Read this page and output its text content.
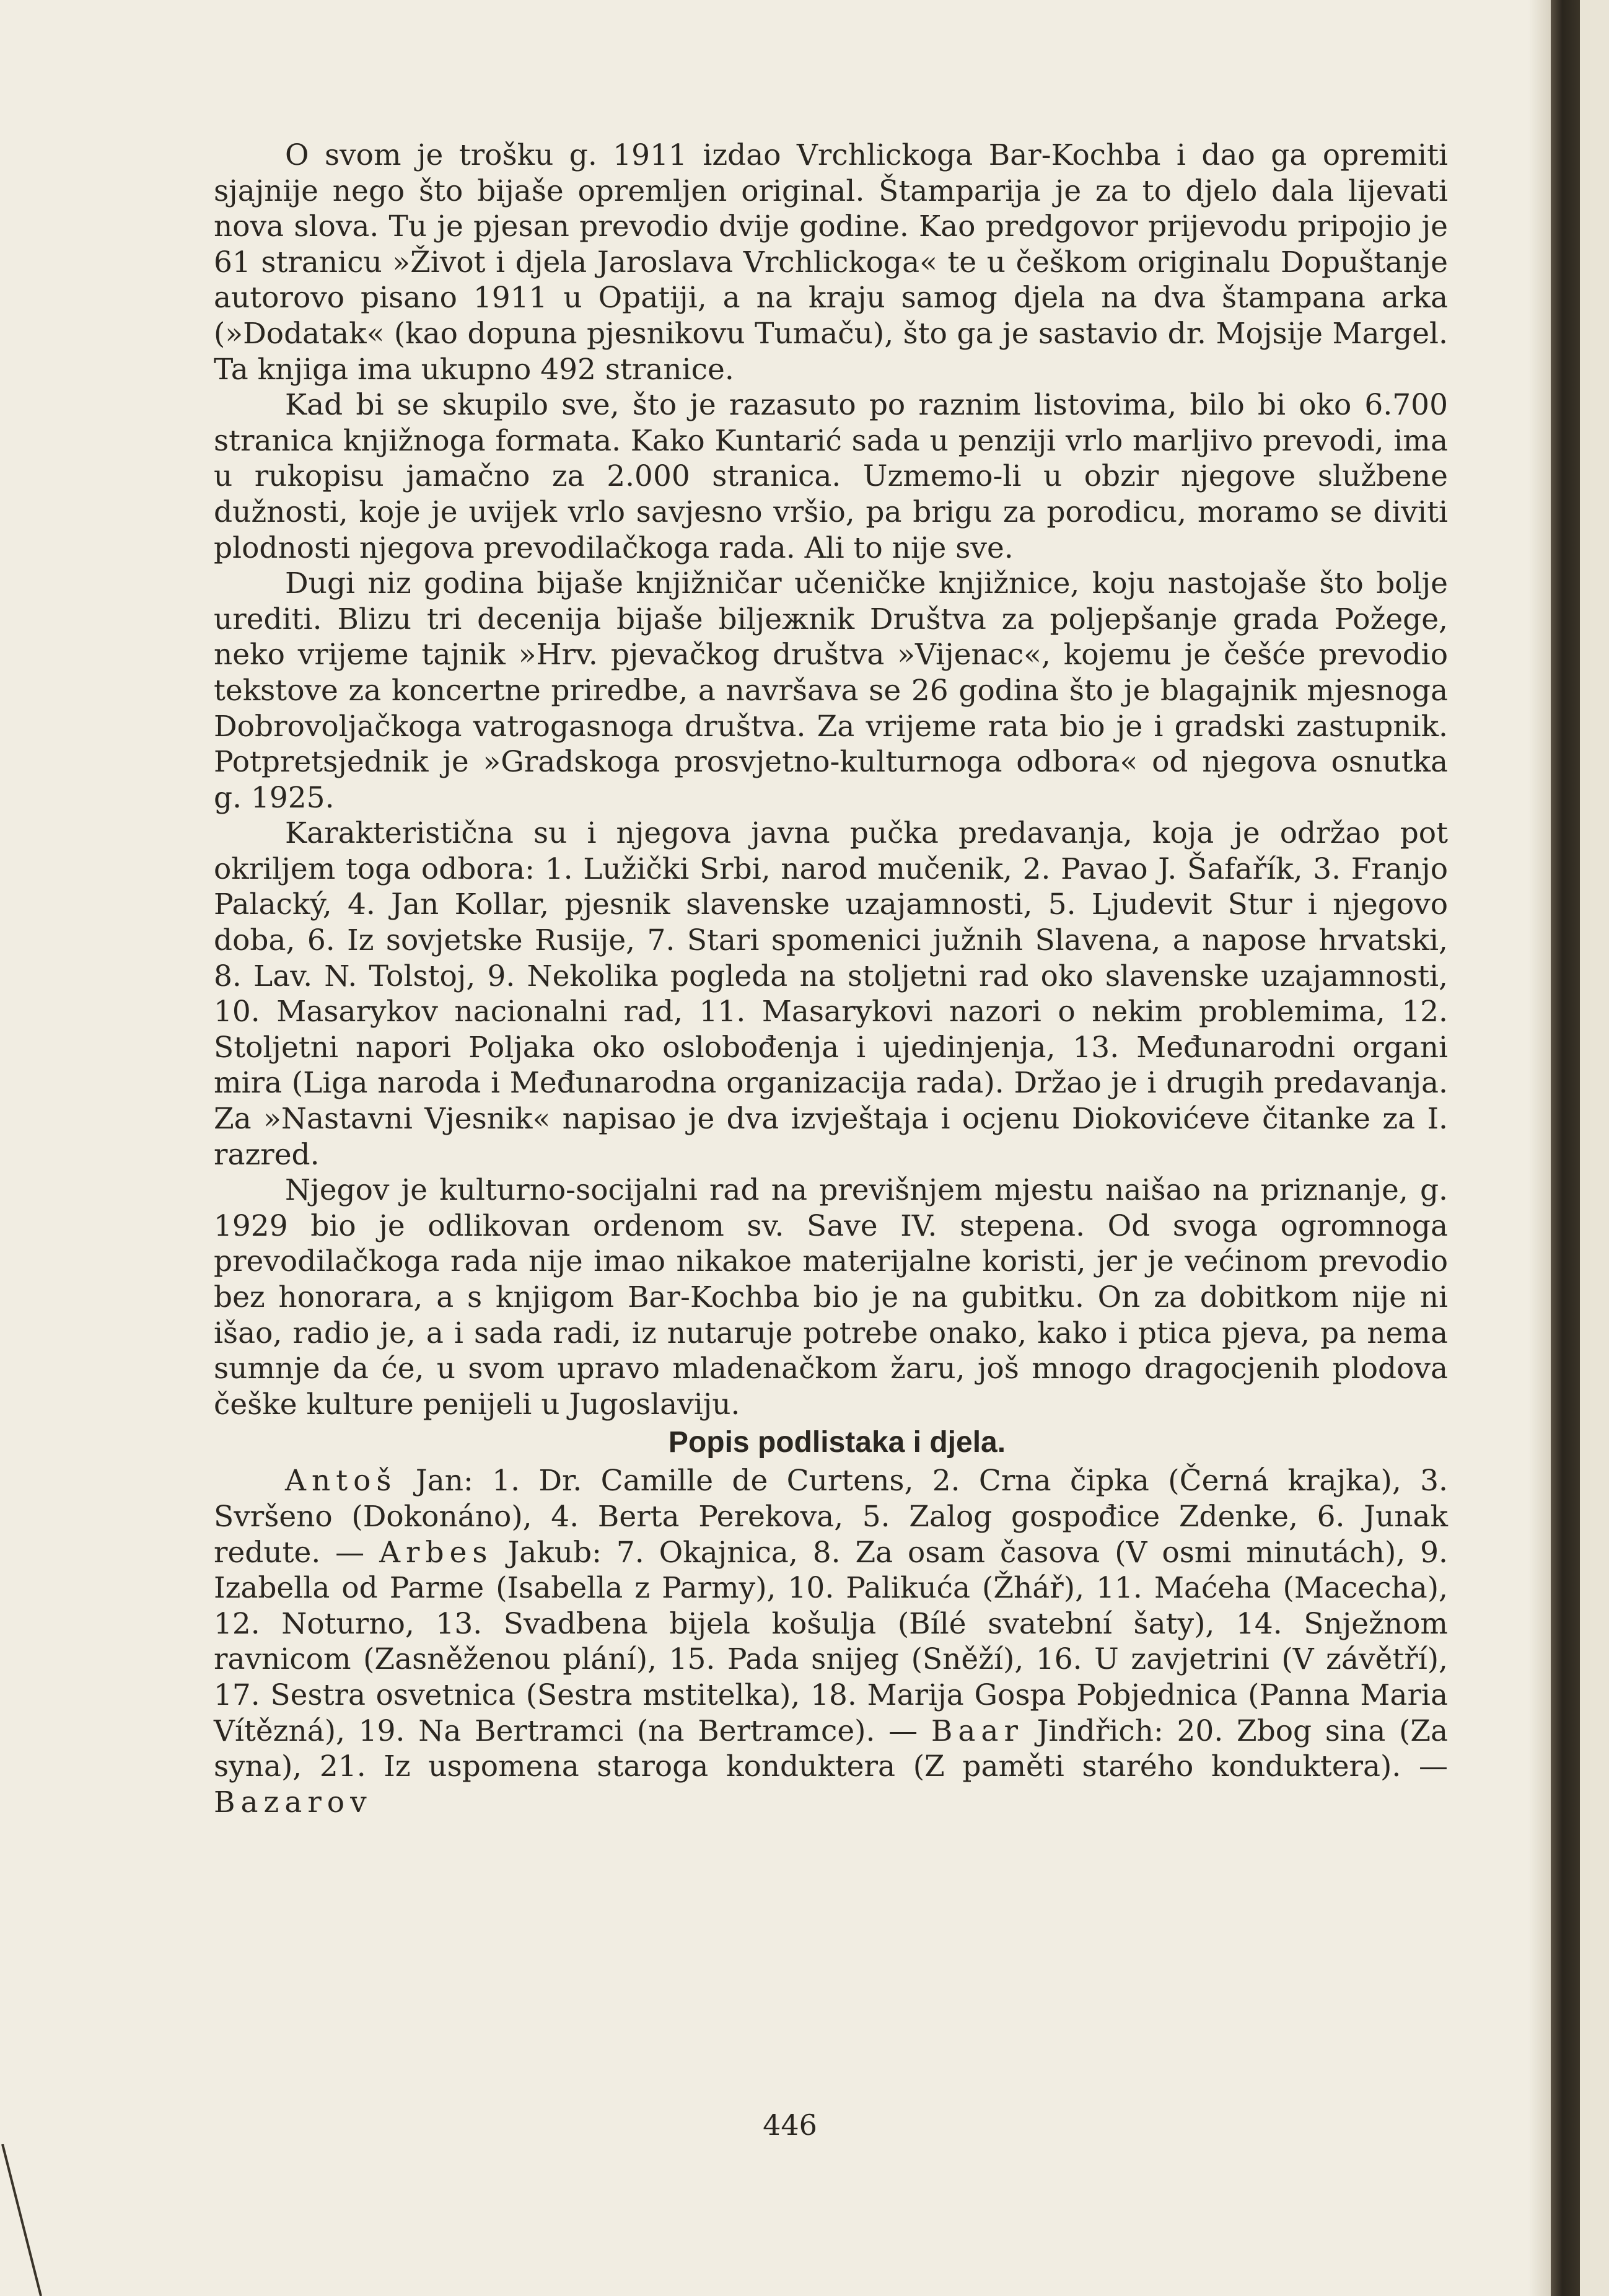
O svom je trošku g. 1911 izdao Vrchlickoga Bar-Kochba i dao ga opremiti sjajnije nego što bijaše opremljen original. Štamparija je za to djelo dala lijevati nova slova. Tu je pjesan prevodio dvije godine. Kao predgovor prijevodu pripojio je 61 stranicu »Život i djela Jaroslava Vrchlickoga« te u češkom originalu Dopuštanje autorovo pisano 1911 u Opatiji, a na kraju samog djela na dva štampana arka (»Dodatak« (kao dopuna pjesnikovu Tumaču), što ga je sastavio dr. Mojsije Margel. Ta knjiga ima ukupno 492 stranice.

Kad bi se skupilo sve, što je razasuto po raznim listovima, bilo bi oko 6.700 stranica knjižnoga formata. Kako Kuntarić sada u penziji vrlo marljivo prevodi, ima u rukopisu jamačno za 2.000 stranica. Uzmemo-li u obzir njegove službene dužnosti, koje je uvijek vrlo savjesno vršio, pa brigu za porodicu, moramo se diviti plodnosti njegova prevodilačkoga rada. Ali to nije sve.

Dugi niz godina bijaše knjižničar učeničke knjižnice, koju nastojaše što bolje urediti. Blizu tri decenija bijaše biljежnik Društva za poljepšanje grada Požege, neko vrijeme tajnik »Hrv. pjevačkog društva »Vijenac«, kojemu je češće prevodio tekstove za koncertne priredbe, a navršava se 26 godina što je blagajnik mjesnoga Dobrovoljačkoga vatrogasnoga društva. Za vrijeme rata bio je i gradski zastupnik. Potpretsjednik je »Gradskoga prosvjetno-kulturnoga odbora« od njegova osnutka g. 1925.

Karakteristična su i njegova javna pučka predavanja, koja je održao pot okriljem toga odbora: 1. Lužički Srbi, narod mučenik, 2. Pavao J. Šafařík, 3. Franjo Palacký, 4. Jan Kollar, pjesnik slavenske uzajamnosti, 5. Ljudevit Stur i njegovo doba, 6. Iz sovjetske Rusije, 7. Stari spomenici južnih Slavena, a napose hrvatski, 8. Lav. N. Tolstoj, 9. Nekolika pogleda na stoljetni rad oko slavenske uzajamnosti, 10. Masarykov nacionalni rad, 11. Masarykovi nazori o nekim problemima, 12. Stoljetni napori Poljaka oko oslobođenja i ujedinjenja, 13. Međunarodni organi mira (Liga naroda i Međunarodna organizacija rada). Držao je i drugih predavanja. Za »Nastavni Vjesnik« napisao je dva izvještaja i ocjenu Diokovićeve čitanke za I. razred.

Njegov je kulturno-socijalni rad na previšnjem mjestu naišao na priznanje, g. 1929 bio je odlikovan ordenom sv. Save IV. stepena. Od svoga ogromnoga prevodilačkoga rada nije imao nikakoe materijalne koristi, jer je većinom prevodio bez honorara, a s knjigom Bar-Kochba bio je na gubitku. On za dobitkom nije ni išao, radio je, a i sada radi, iz nutaruje potrebe onako, kako i ptica pjeva, pa nema sumnje da će, u svom upravo mladenačkom žaru, još mnogo dragocjenih plodova češke kulture penijeli u Jugoslaviju.

Popis podlistaka i djela.

Antoš Jan: 1. Dr. Camille de Curtens, 2. Crna čipka (Černá krajka), 3. Svršeno (Dokonáno), 4. Berta Perekova, 5. Zalog gospođice Zdenke, 6. Junak redute. — Arbes Jakub: 7. Okajnica, 8. Za osam časova (V osmi minutách), 9. Izabella od Parme (Isabella z Parmy), 10. Palikuća (Žhář), 11. Maćeha (Macecha), 12. Noturno, 13. Svadbena bijela košulja (Bílé svatební šaty), 14. Snježnom ravnicom (Zasněženou plání), 15. Pada snijeg (Sněží), 16. U zavjetrini (V závětří), 17. Sestra osvetnica (Sestra mstitelka), 18. Marija Gospa Pobjednica (Panna Maria Vítězná), 19. Na Bertramci (na Bertramce). — Baar Jindřich: 20. Zbog sina (Za syna), 21. Iz uspomena staroga konduktera (Z paměti starého konduktera). — Bazarov

446
